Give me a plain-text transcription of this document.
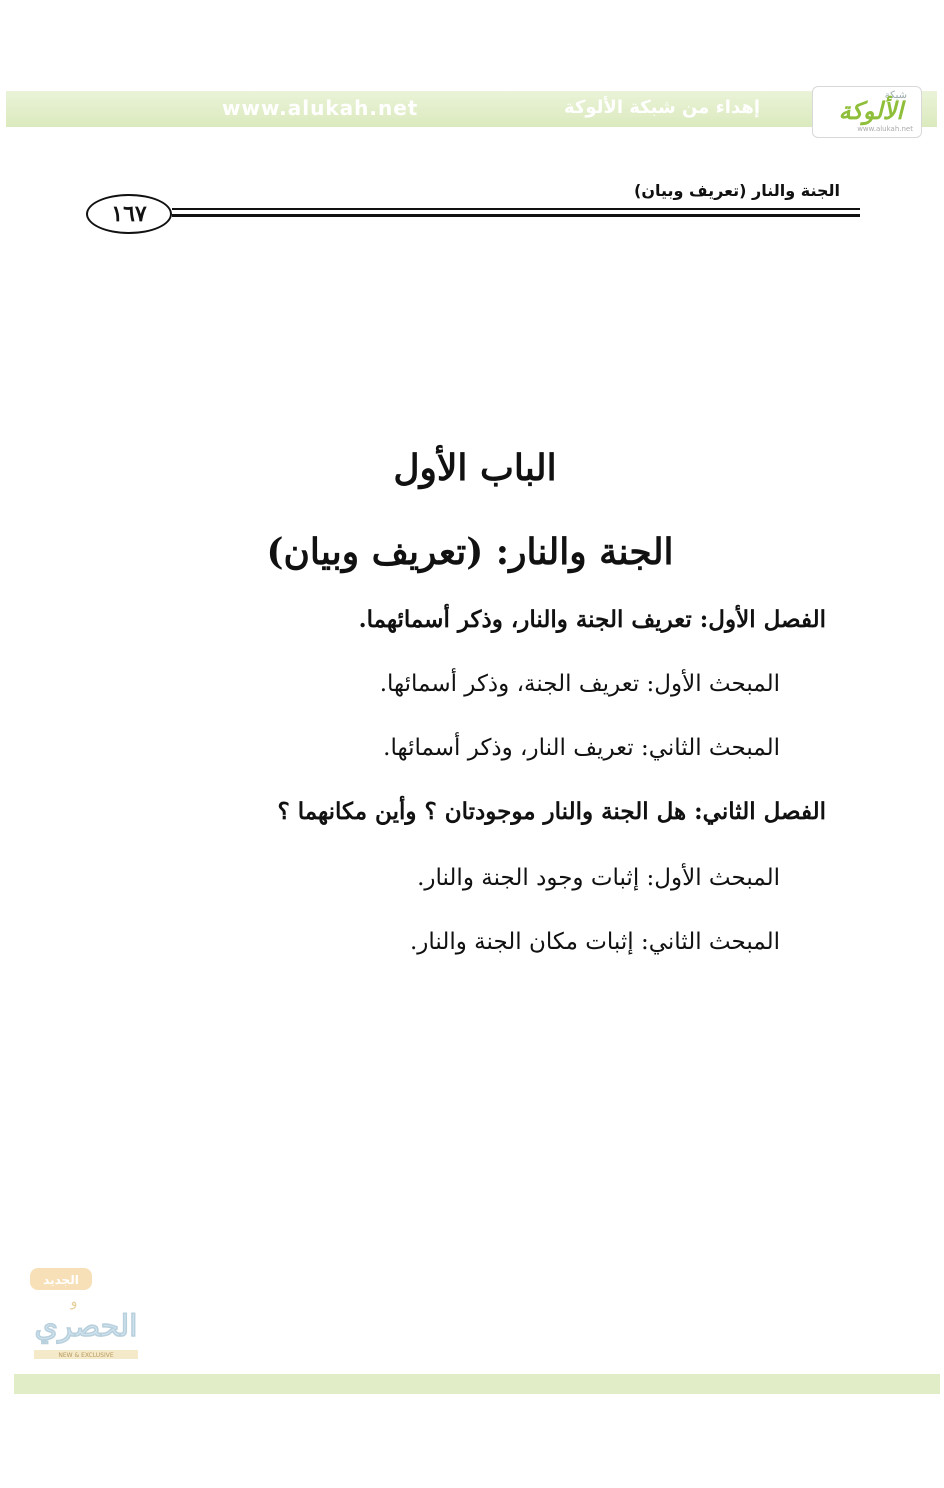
www.alukah.net	إهداء من شبكة الألوكة
شبكة
الألوكة
www.alukah.net
الجنة والنار (تعريف وبيان)
١٦٧
الباب الأول
الجنة والنار: (تعريف وبيان)
الفصل الأول: تعريف الجنة والنار، وذكر أسمائهما.
المبحث الأول: تعريف الجنة، وذكر أسمائها.
المبحث الثاني: تعريف النار، وذكر أسمائها.
الفصل الثاني: هل الجنة والنار موجودتان ؟ وأين مكانهما ؟
المبحث الأول: إثبات وجود الجنة والنار.
المبحث الثاني: إثبات مكان الجنة والنار.
الجديد
و
الحصري
NEW & EXCLUSIVE
